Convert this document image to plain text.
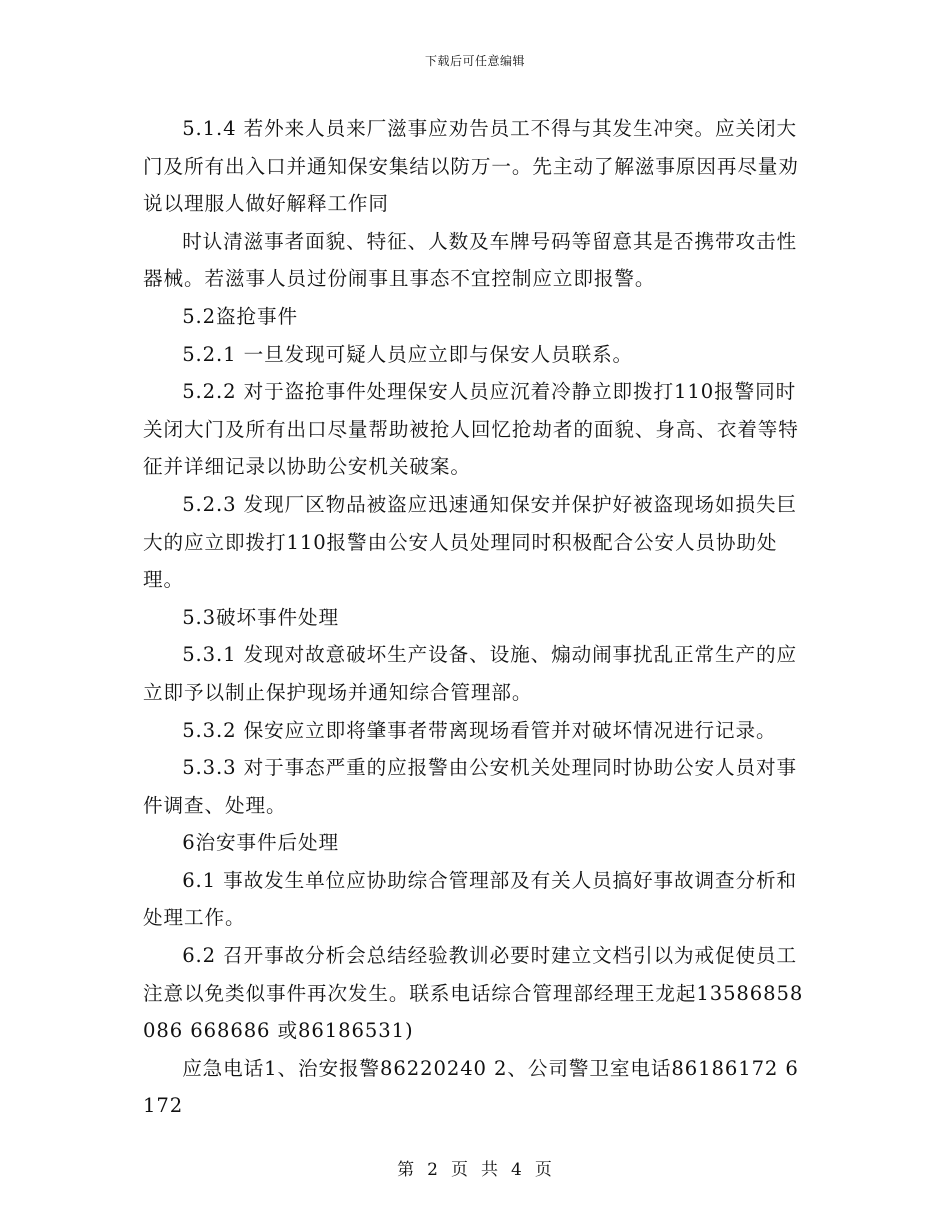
下载后可任意编辑

5.1.4 若外来人员来厂滋事应劝告员工不得与其发生冲突。应关闭大门及所有出入口并通知保安集结以防万一。先主动了解滋事原因再尽量劝说以理服人做好解释工作同

时认清滋事者面貌、特征、人数及车牌号码等留意其是否携带攻击性器械。若滋事人员过份闹事且事态不宜控制应立即报警。

5.2盗抢事件

5.2.1 一旦发现可疑人员应立即与保安人员联系。

5.2.2 对于盗抢事件处理保安人员应沉着冷静立即拨打110报警同时关闭大门及所有出口尽量帮助被抢人回忆抢劫者的面貌、身高、衣着等特征并详细记录以协助公安机关破案。

5.2.3 发现厂区物品被盗应迅速通知保安并保护好被盗现场如损失巨大的应立即拨打110报警由公安人员处理同时积极配合公安人员协助处理。

5.3破坏事件处理

5.3.1 发现对故意破坏生产设备、设施、煽动闹事扰乱正常生产的应立即予以制止保护现场并通知综合管理部。

5.3.2 保安应立即将肇事者带离现场看管并对破坏情况进行记录。

5.3.3 对于事态严重的应报警由公安机关处理同时协助公安人员对事件调查、处理。

6治安事件后处理

6.1 事故发生单位应协助综合管理部及有关人员搞好事故调查分析和处理工作。

6.2 召开事故分析会总结经验教训必要时建立文档引以为戒促使员工注意以免类似事件再次发生。联系电话综合管理部经理王龙起13586858086 668686 或86186531)

应急电话1、治安报警86220240 2、公司警卫室电话86186172 6172

第 2 页 共 4 页
